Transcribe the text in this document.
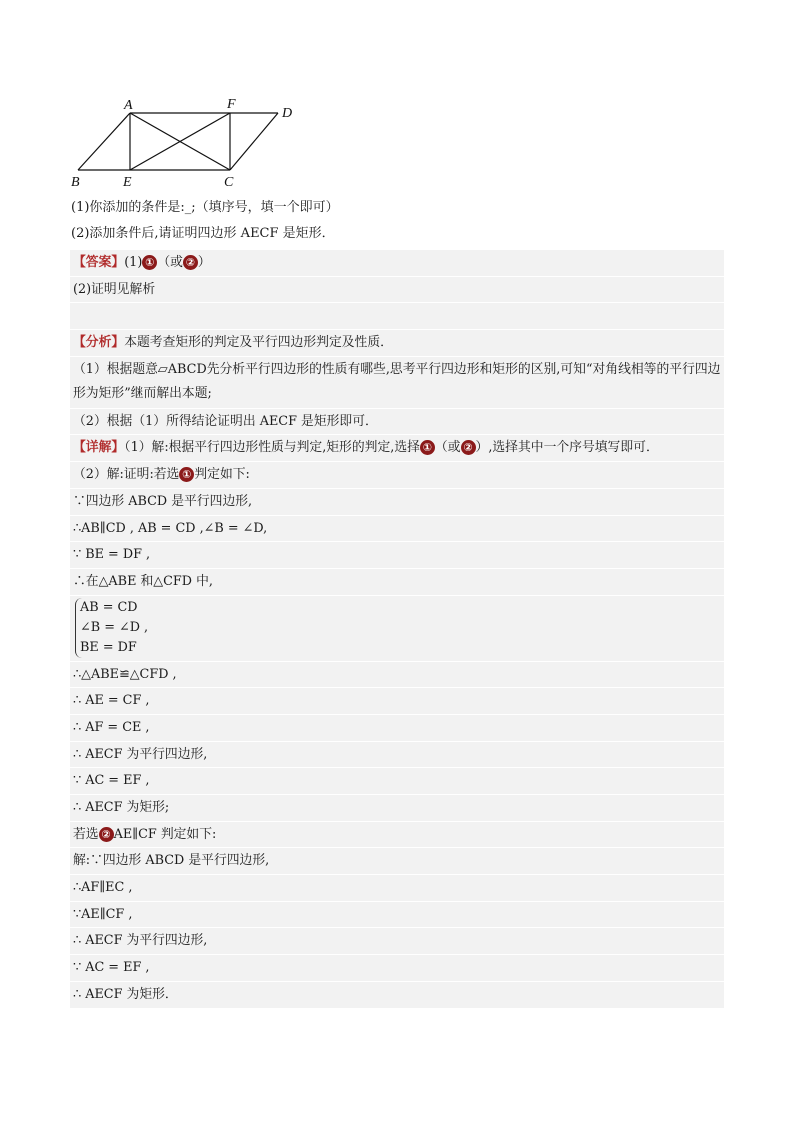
A	F
D
B	E	C
(1)你添加的条件是:_;（填序号，填一个即可）
(2)添加条件后,请证明四边形 AECF 是矩形．
【答案】(1) ① （或 ② ）
(2)证明见解析
【分析】本题考查矩形的判定及平行四边形判定及性质．
（1）根据题意▱ABCD先分析平行四边形的性质有哪些,思考平行四边形和矩形的区别,可知“对角线相等的平行四边形为矩形”继而解出本题;
（2）根据（1）所得结论证明出 AECF 是矩形即可．
【详解】（1）解:根据平行四边形性质与判定,矩形的判定,选择 ① （或 ② ）,选择其中一个序号填写即可．
（2）解:证明:若选 ① 判定如下:
∵四边形 ABCD 是平行四边形,
∴AB∥CD , AB = CD ,∠B = ∠D,
∵ BE = DF ,
∴在△ABE 和△CFD 中,
AB = CD
∠B = ∠D ,
BE = DF
∴△ABE≌△CFD ,
∴ AE = CF ,
∴ AF = CE ,
∴ AECF 为平行四边形,
∵ AC = EF ,
∴ AECF 为矩形;
若选 ② AE∥CF 判定如下:
解:∵四边形 ABCD 是平行四边形,
∴AF∥EC ,
∵AE∥CF ,
∴ AECF 为平行四边形,
∵ AC = EF ,
∴ AECF 为矩形．
